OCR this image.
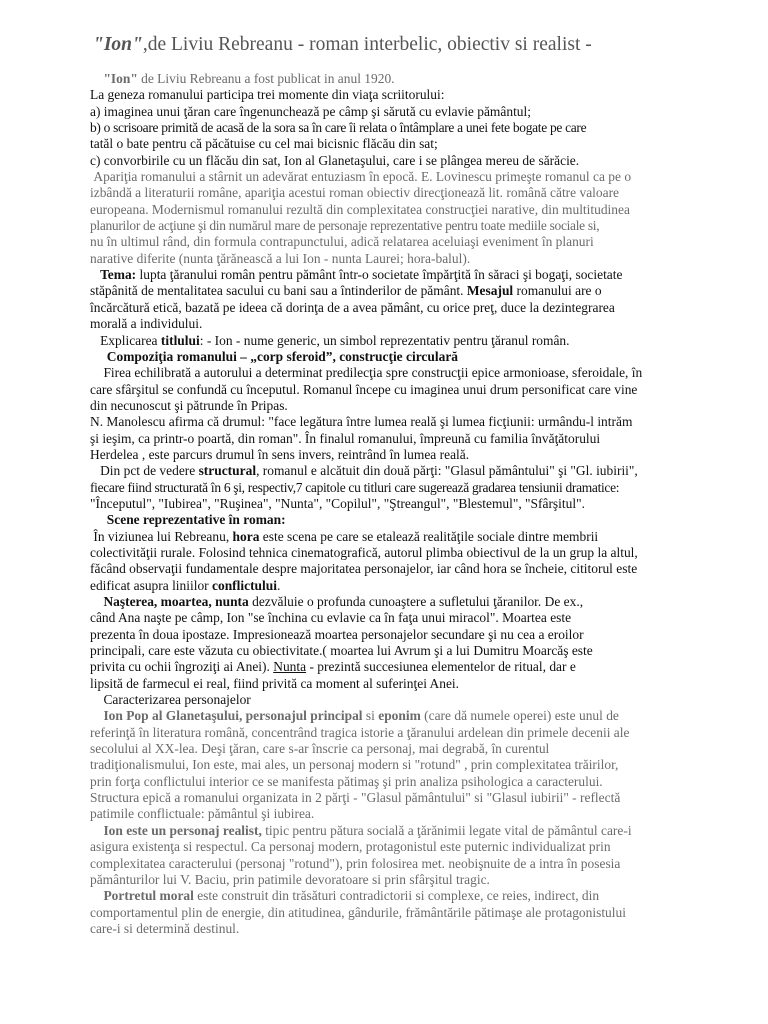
"Ion",de Liviu Rebreanu - roman interbelic, obiectiv si realist -
"Ion" de Liviu Rebreanu a fost publicat in anul 1920.
La geneza romanului participa trei momente din viaţa scriitorului:
a) imaginea unui ţăran care îngenunchează pe câmp şi sărută cu evlavie pământul;
b) o scrisoare primită de acasă de la sora sa în care îi relata o întâmplare a unei fete bogate pe care
tatăl o bate pentru că păcătuise cu cel mai bicisnic flăcău din sat;
c) convorbirile cu un flăcău din sat, Ion al Glanetaşului, care i se plângea mereu de sărăcie.
Apariţia romanului a stârnit un adevărat entuziasm în epocă. E. Lovinescu primeşte romanul ca pe o
izbândă a literaturii române, apariţia acestui roman obiectiv direcţionează lit. română către valoare
europeana. Modernismul romanului rezultă din complexitatea construcţiei narative, din multitudinea
planurilor de acţiune şi din numărul mare de personaje reprezentative pentru toate mediile sociale si,
nu în ultimul rând, din formula contrapunctului, adică relatarea aceluiaşi eveniment în planuri
narative diferite (nunta ţărănească a lui Ion - nunta Laurei; hora-balul).
Tema: lupta ţăranului român pentru pământ într-o societate împărţită în săraci şi bogaţi, societate
stăpânită de mentalitatea sacului cu bani sau a întinderilor de pământ. Mesajul romanului are o
încărcătură etică, bazată pe ideea că dorinţa de a avea pământ, cu orice preţ, duce la dezintegrarea
morală a individului.
Explicarea titlului: - Ion - nume generic, un simbol reprezentativ pentru ţăranul român.
Compoziţia romanului – „corp sferoid”, construcţie circulară
Firea echilibrată a autorului a determinat predilecţia spre construcţii epice armonioase, sferoidale, în
care sfârşitul se confundă cu începutul. Romanul începe cu imaginea unui drum personificat care vine
din necunoscut şi pătrunde în Pripas.
N. Manolescu afirma că drumul: "face legătura între lumea reală şi lumea ficţiunii: urmându-l intrăm
şi ieşim, ca printr-o poartă, din roman". În finalul romanului, împreună cu familia învăţătorului
Herdelea , este parcurs drumul în sens invers, reintrând în lumea reală.
Din pct de vedere structural, romanul e alcătuit din două părţi: "Glasul pământului" şi "Gl. iubirii",
fiecare fiind structurată în 6 şi, respectiv,7 capitole cu titluri care sugerează gradarea tensiunii dramatice:
"Începutul", "Iubirea", "Ruşinea", "Nunta", "Copilul", "Ştreangul", "Blestemul", "Sfârşitul".
Scene reprezentative în roman:
În viziunea lui Rebreanu, hora este scena pe care se etalează realităţile sociale dintre membrii
colectivităţii rurale. Folosind tehnica cinematografică, autorul plimba obiectivul de la un grup la altul,
făcând observaţii fundamentale despre majoritatea personajelor, iar când hora se încheie, cititorul este
edificat asupra liniilor conflictului.
Naşterea, moartea, nunta dezvăluie o profunda cunoaştere a sufletului ţăranilor. De ex.,
când Ana naşte pe câmp, Ion "se închina cu evlavie ca în faţa unui miracol". Moartea este
prezenta în doua ipostaze. Impresionează moartea personajelor secundare şi nu cea a eroilor
principali, care este văzuta cu obiectivitate.( moartea lui Avrum şi a lui Dumitru Moarcăş este
privita cu ochii îngroziţi ai Anei). Nunta - prezintă succesiunea elementelor de ritual, dar e
lipsită de farmecul ei real, fiind privită ca moment al suferinţei Anei.
Caracterizarea personajelor
Ion Pop al Glanetaşului, personajul principal si eponim (care dă numele operei) este unul de
referinţă în literatura română, concentrând tragica istorie a ţăranului ardelean din primele decenii ale
secolului al XX-lea. Deşi ţăran, care s-ar înscrie ca personaj, mai degrabă, în curentul
tradiţionalismului, Ion este, mai ales, un personaj modern si "rotund" , prin complexitatea trăirilor,
prin forţa conflictului interior ce se manifesta pătimaş şi prin analiza psihologica a caracterului.
Structura epică a romanului organizata in 2 părţi - "Glasul pământului" si "Glasul iubirii" - reflectă
patimile conflictuale: pământul şi iubirea.
Ion este un personaj realist, tipic pentru pătura socială a ţărănimii legate vital de pământul care-i
asigura existenţa si respectul. Ca personaj modern, protagonistul este puternic individualizat prin
complexitatea caracterului (personaj "rotund"), prin folosirea met. neobişnuite de a intra în posesia
pământurilor lui V. Baciu, prin patimile devoratoare si prin sfârşitul tragic.
Portretul moral este construit din trăsături contradictorii si complexe, ce reies, indirect, din
comportamentul plin de energie, din atitudinea, gândurile, frământările pătimaşe ale protagonistului
care-i si determină destinul.
